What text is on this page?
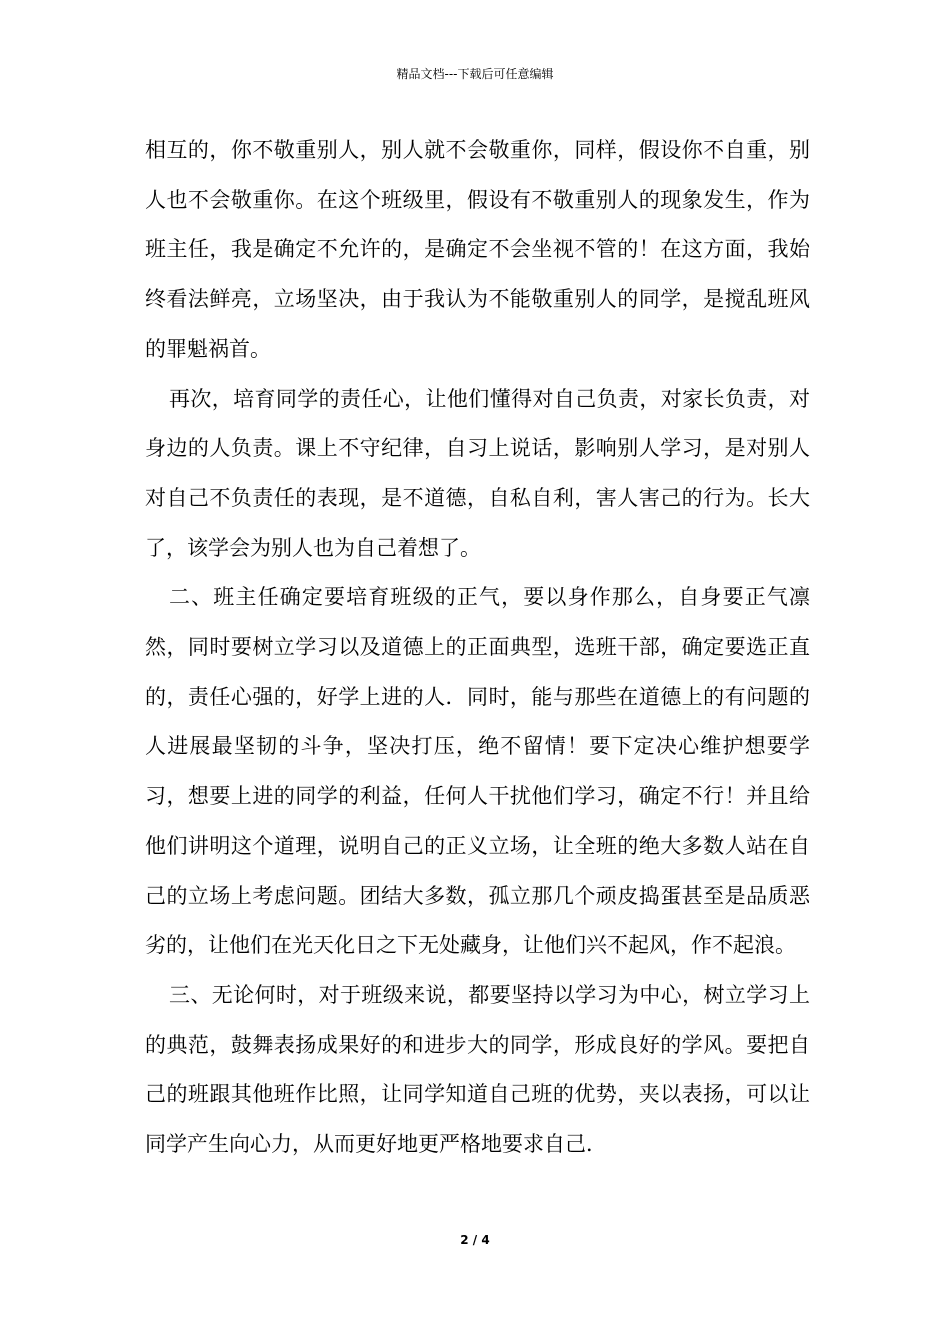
精品文档---下载后可任意编辑

相互的，你不敬重别人，别人就不会敬重你，同样，假设你不自重，别人也不会敬重你。在这个班级里，假设有不敬重别人的现象发生，作为班主任，我是确定不允许的，是确定不会坐视不管的！在这方面，我始终看法鲜亮，立场坚决，由于我认为不能敬重别人的同学，是搅乱班风的罪魁祸首。

再次，培育同学的责任心，让他们懂得对自己负责，对家长负责，对身边的人负责。课上不守纪律，自习上说话，影响别人学习，是对别人对自己不负责任的表现，是不道德，自私自利，害人害己的行为。长大了，该学会为别人也为自己着想了。

二、班主任确定要培育班级的正气，要以身作那么，自身要正气凛然，同时要树立学习以及道德上的正面典型，选班干部，确定要选正直的，责任心强的，好学上进的人．同时，能与那些在道德上的有问题的人进展最坚韧的斗争，坚决打压，绝不留情！要下定决心维护想要学习，想要上进的同学的利益，任何人干扰他们学习，确定不行！并且给他们讲明这个道理，说明自己的正义立场，让全班的绝大多数人站在自己的立场上考虑问题。团结大多数，孤立那几个顽皮捣蛋甚至是品质恶劣的，让他们在光天化日之下无处藏身，让他们兴不起风，作不起浪。

三、无论何时，对于班级来说，都要坚持以学习为中心，树立学习上的典范，鼓舞表扬成果好的和进步大的同学，形成良好的学风。要把自己的班跟其他班作比照，让同学知道自己班的优势，夹以表扬，可以让同学产生向心力，从而更好地更严格地要求自己．

2 / 4
